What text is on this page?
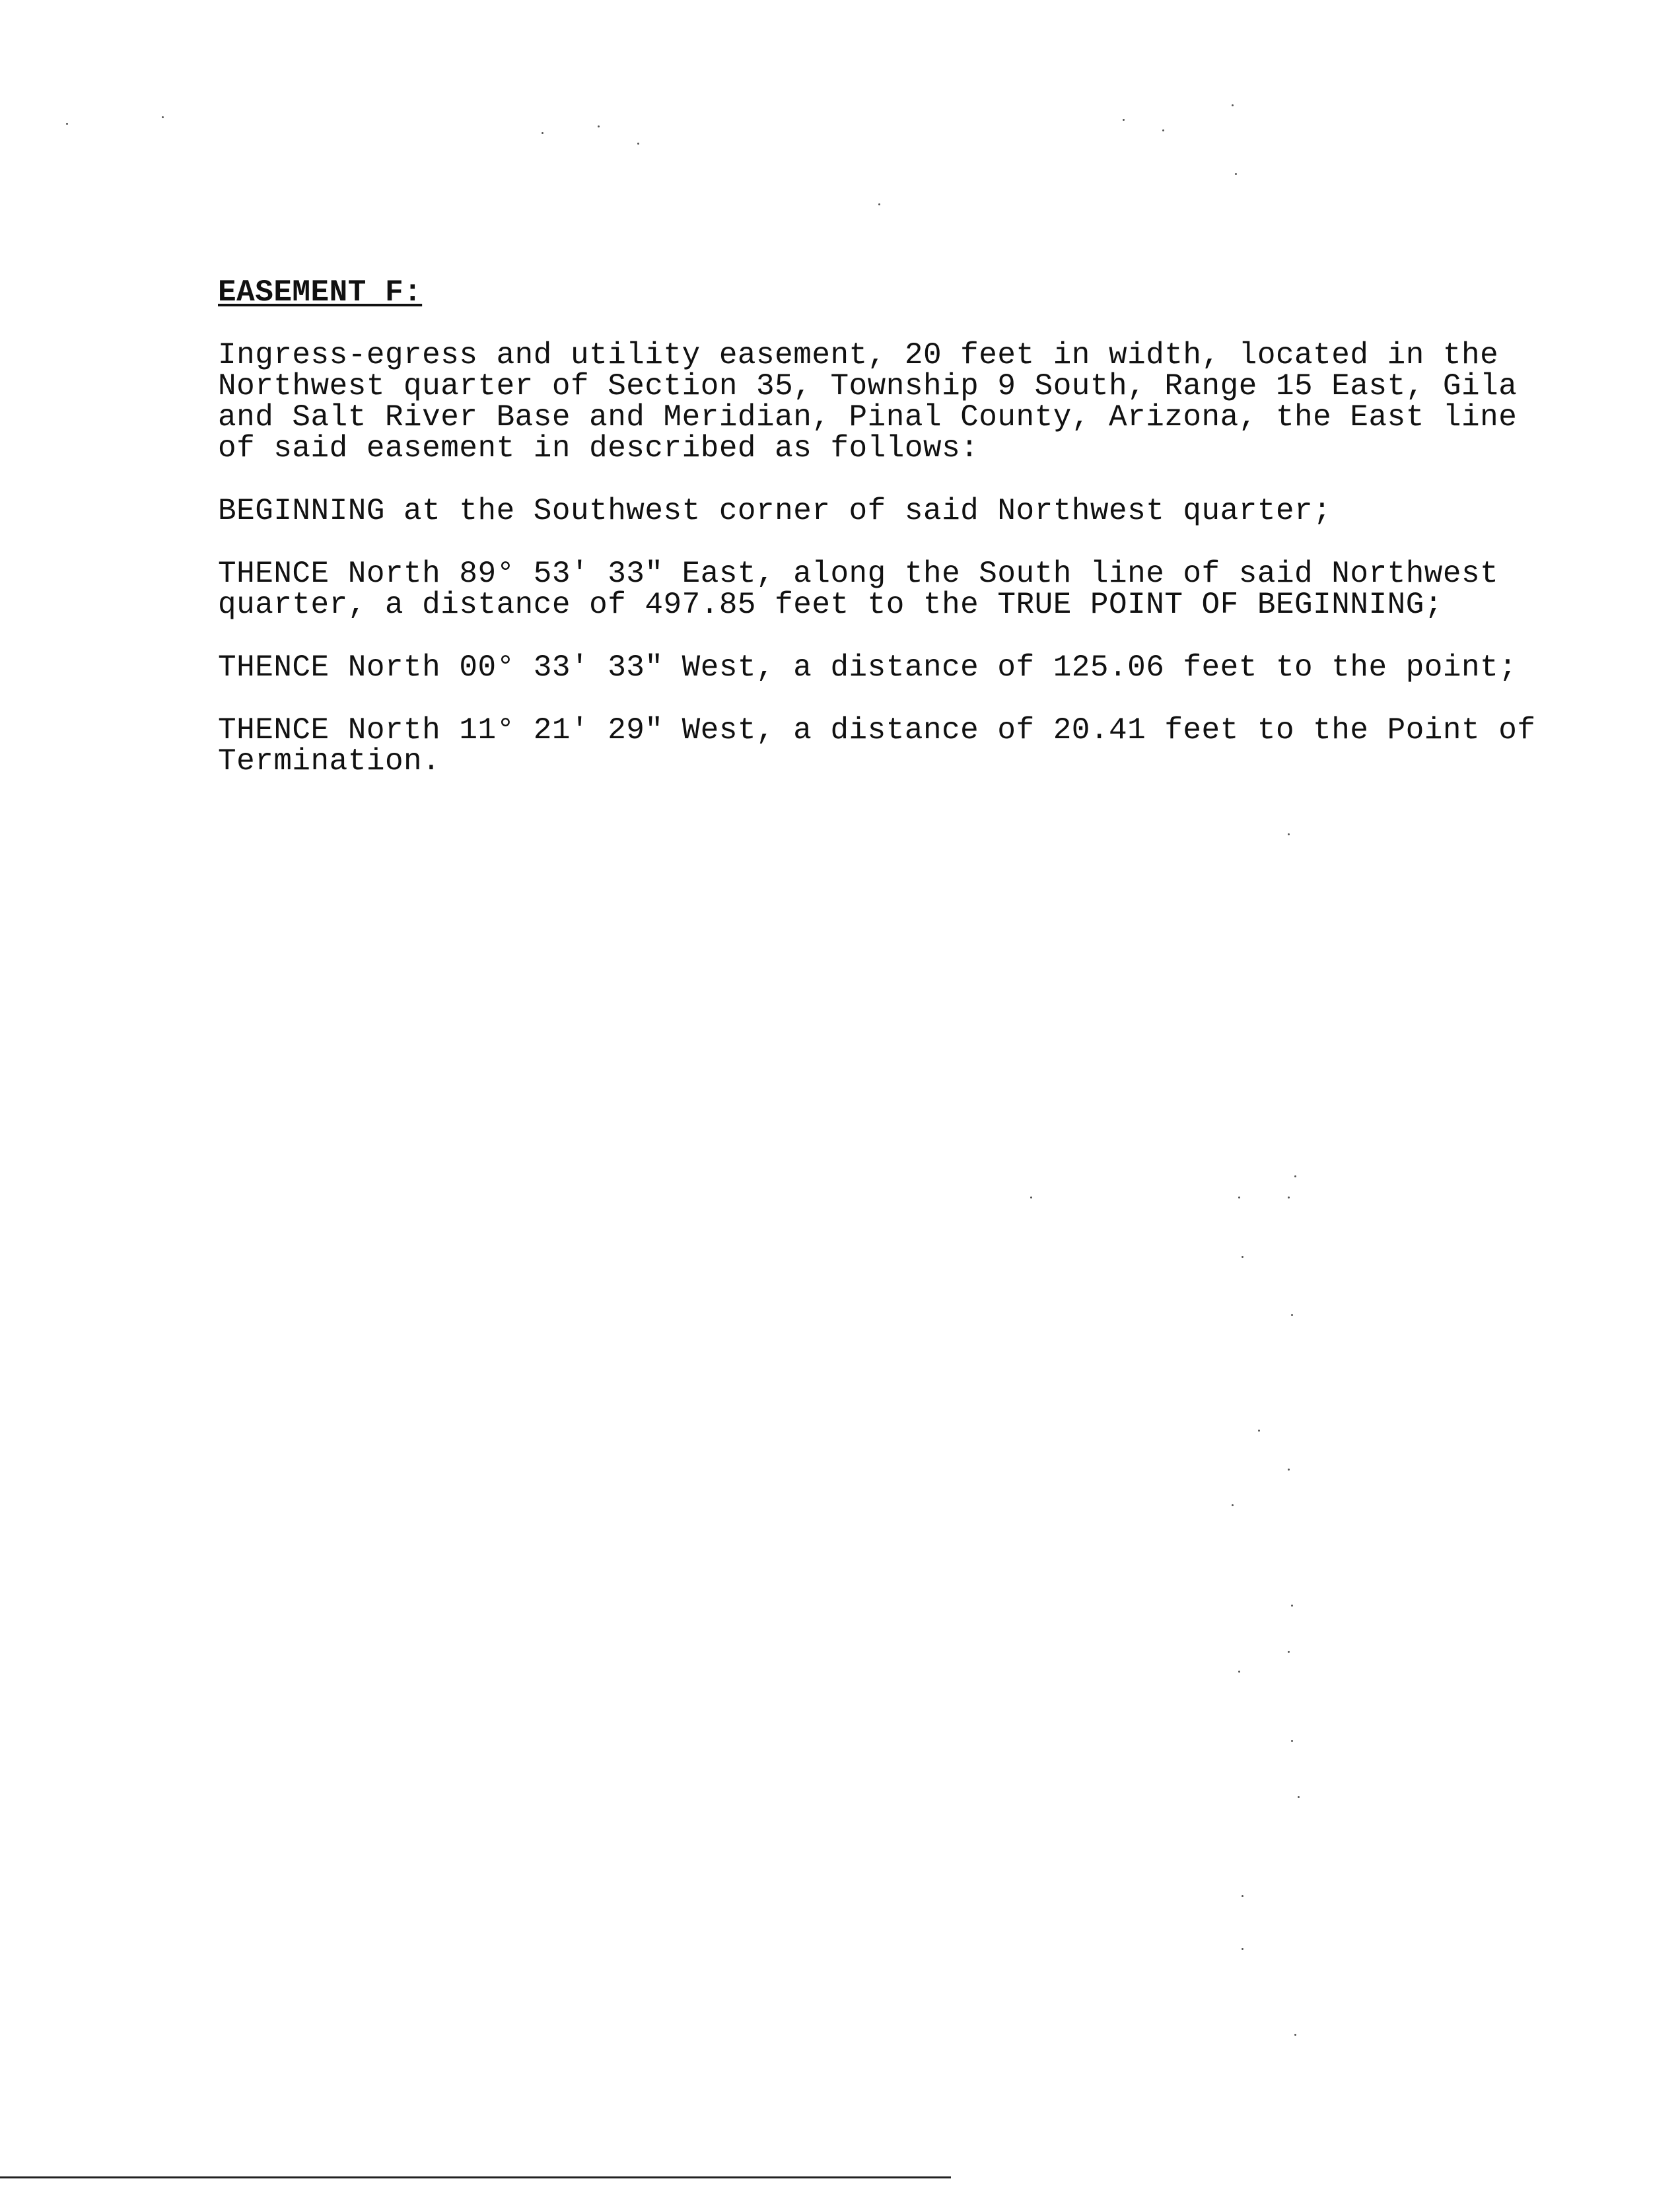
EASEMENT F:
Ingress-egress and utility easement, 20 feet in width, located in the
Northwest quarter of Section 35, Township 9 South, Range 15 East, Gila
and Salt River Base and Meridian, Pinal County, Arizona, the East line
of said easement in described as follows:
BEGINNING at the Southwest corner of said Northwest quarter;
THENCE North 89° 53' 33" East, along the South line of said Northwest
quarter, a distance of 497.85 feet to the TRUE POINT OF BEGINNING;
THENCE North 00° 33' 33" West, a distance of 125.06 feet to the point;
THENCE North 11° 21' 29" West, a distance of 20.41 feet to the Point of
Termination.
